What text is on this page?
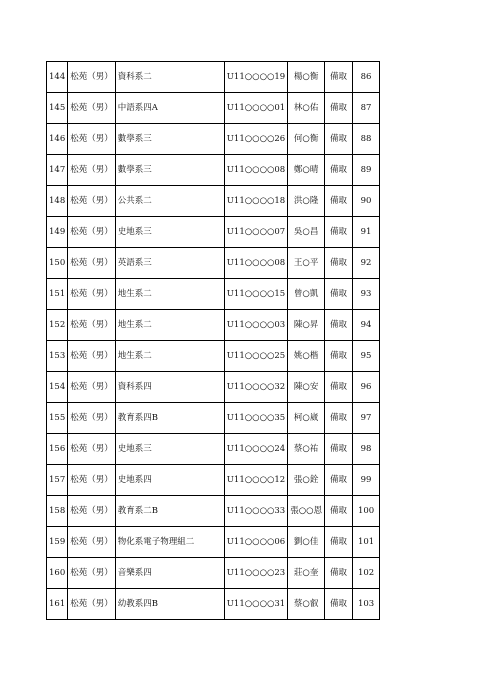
144	松苑（男）	資科系二	U11○○○○19	楊○衡	備取	86
145	松苑（男）	中語系四A	U11○○○○01	林○佑	備取	87
146	松苑（男）	數學系三	U11○○○○26	何○衡	備取	88
147	松苑（男）	數學系三	U11○○○○08	鄭○晴	備取	89
148	松苑（男）	公共系二	U11○○○○18	洪○隆	備取	90
149	松苑（男）	史地系三	U11○○○○07	吳○昌	備取	91
150	松苑（男）	英語系三	U11○○○○08	王○平	備取	92
151	松苑（男）	地生系二	U11○○○○15	曾○凱	備取	93
152	松苑（男）	地生系二	U11○○○○03	陳○昇	備取	94
153	松苑（男）	地生系二	U11○○○○25	姚○楷	備取	95
154	松苑（男）	資科系四	U11○○○○32	陳○安	備取	96
155	松苑（男）	教育系四B	U11○○○○35	柯○崴	備取	97
156	松苑（男）	史地系三	U11○○○○24	蔡○祐	備取	98
157	松苑（男）	史地系四	U11○○○○12	張○銓	備取	99
158	松苑（男）	教育系二B	U11○○○○33	張○○恩	備取	100
159	松苑（男）	物化系電子物理組二	U11○○○○06	劉○佳	備取	101
160	松苑（男）	音樂系四	U11○○○○23	莊○奎	備取	102
161	松苑（男）	幼教系四B	U11○○○○31	蔡○叡	備取	103
